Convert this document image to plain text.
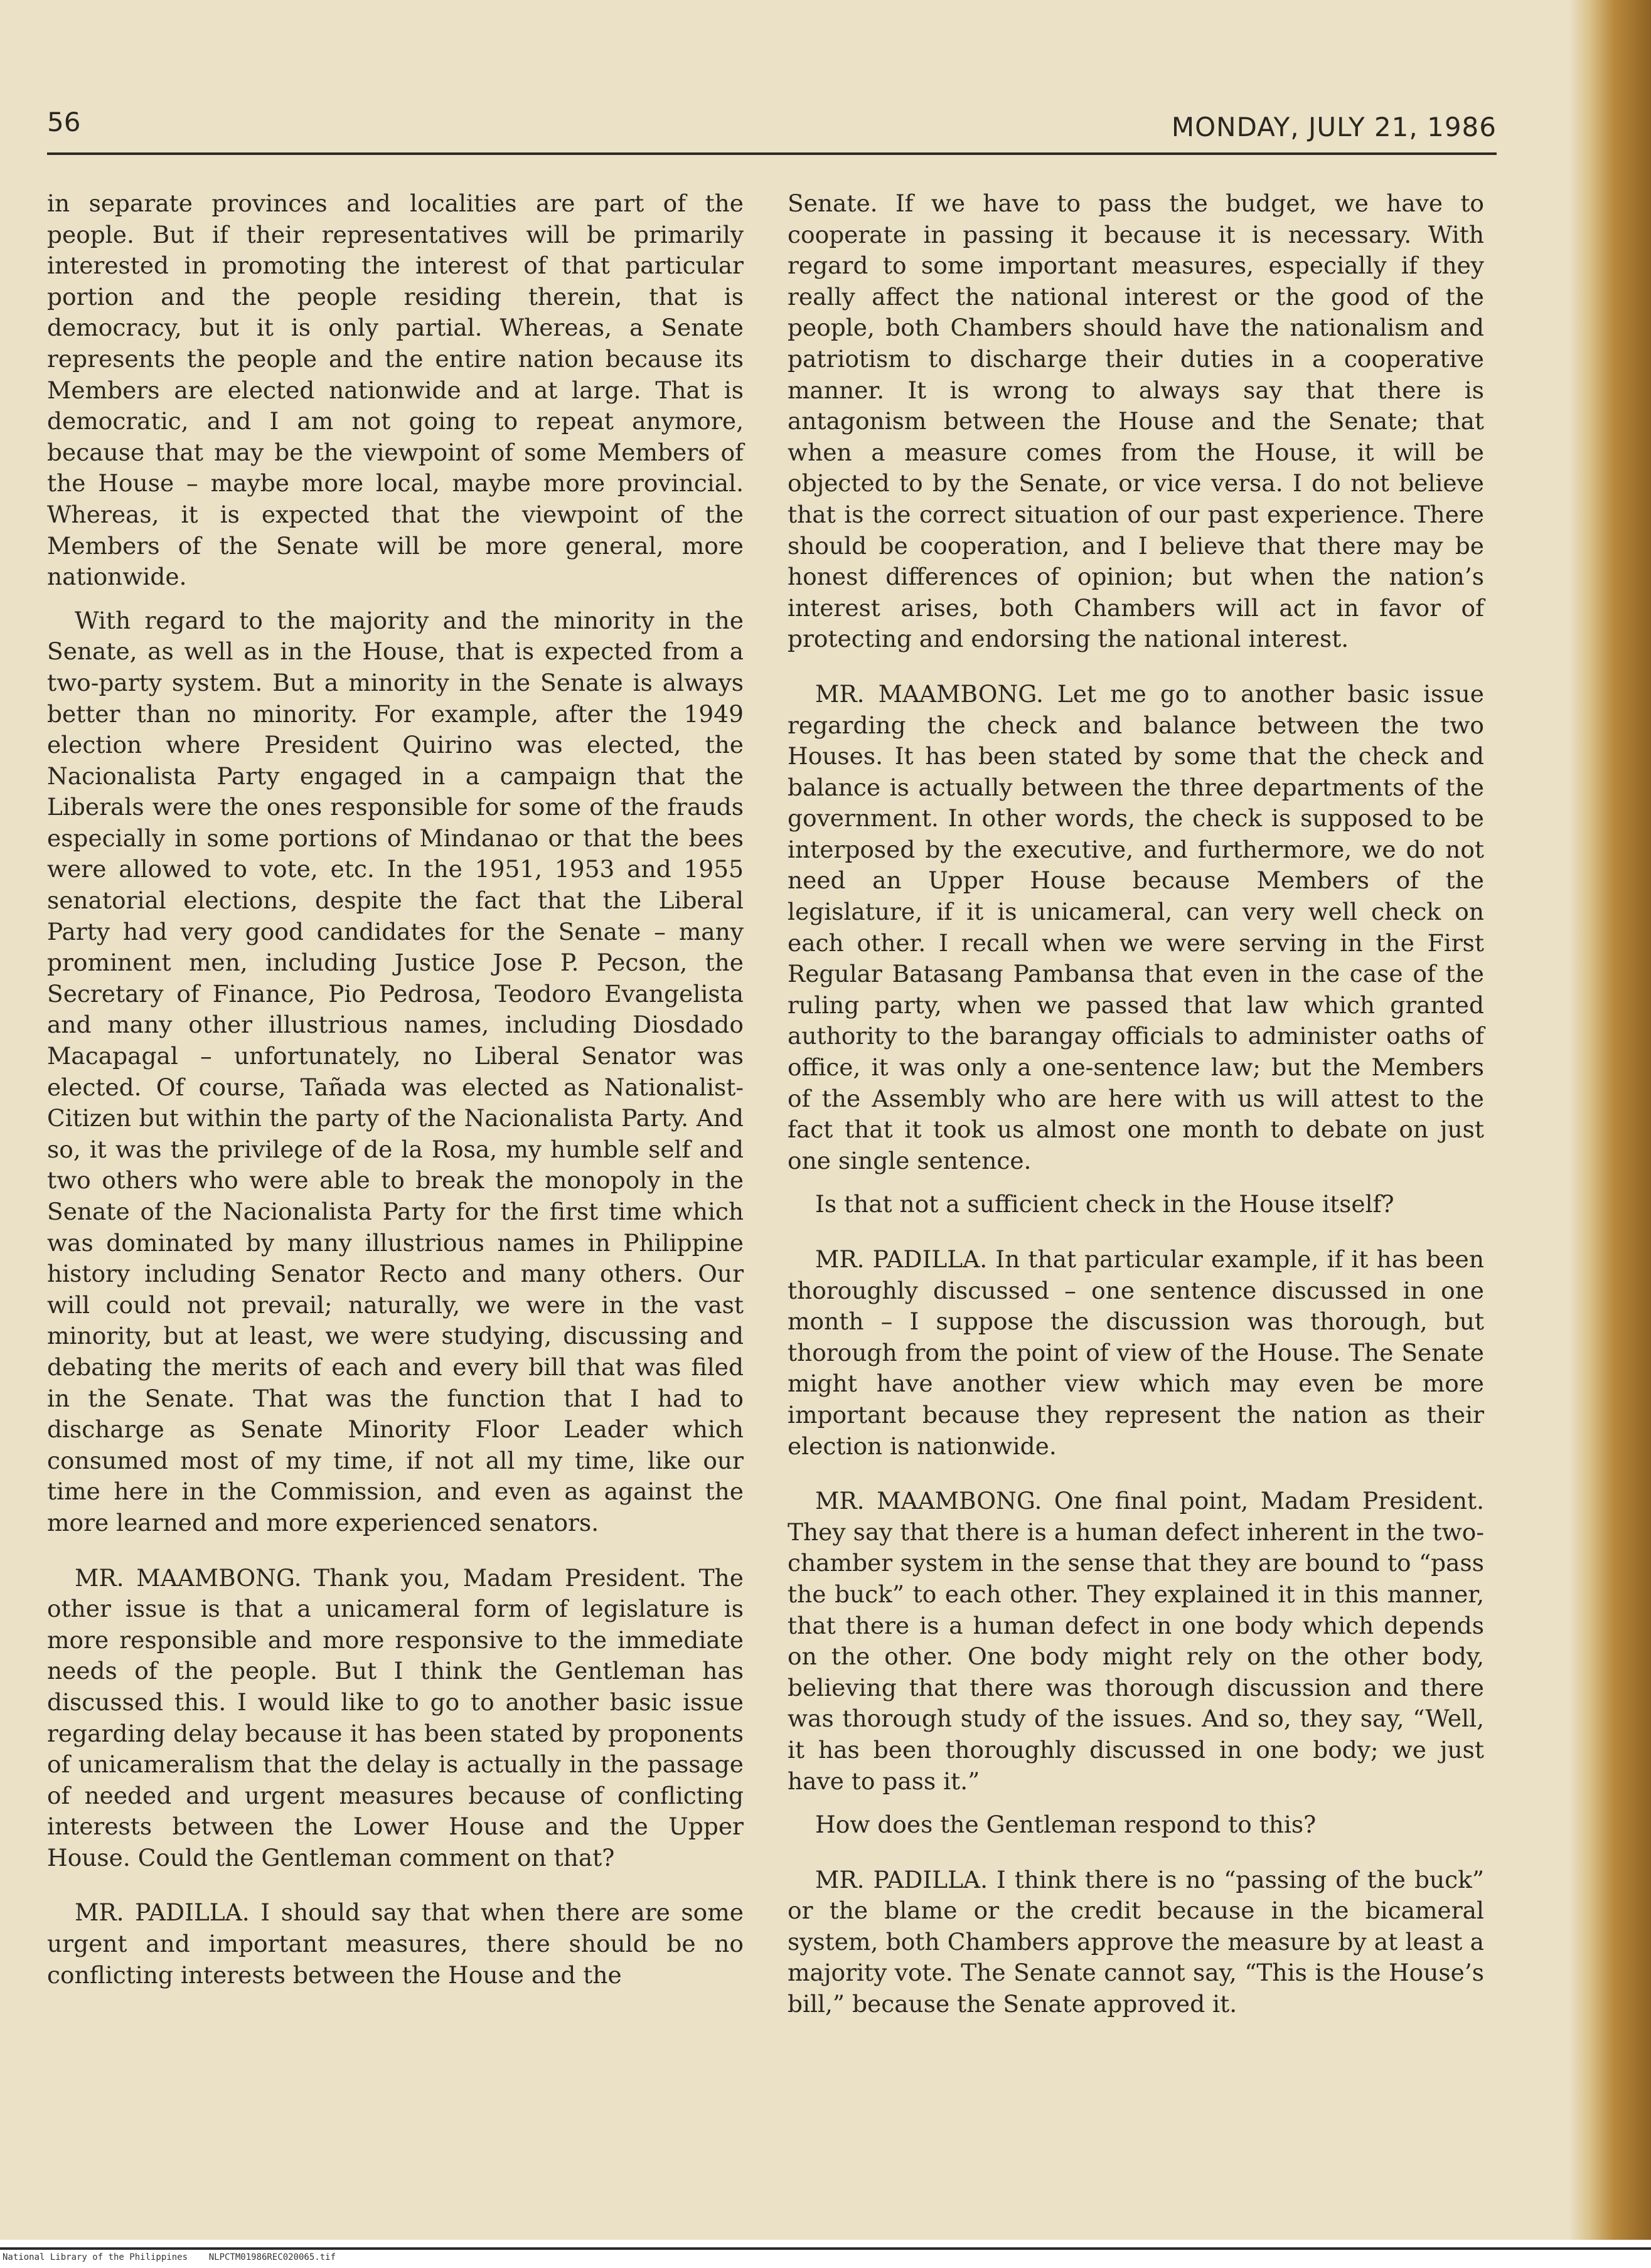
56	MONDAY, JULY 21, 1986

in separate provinces and localities are part of the people. But if their representatives will be primarily interested in promoting the interest of that particular portion and the people residing therein, that is democracy, but it is only partial. Whereas, a Senate represents the people and the entire nation because its Members are elected nationwide and at large. That is democratic, and I am not going to repeat anymore, because that may be the viewpoint of some Members of the House – maybe more local, maybe more provincial. Whereas, it is expected that the viewpoint of the Members of the Senate will be more general, more nationwide.

With regard to the majority and the minority in the Senate, as well as in the House, that is expected from a two-party system. But a minority in the Senate is always better than no minority. For example, after the 1949 election where President Quirino was elected, the Nacionalista Party engaged in a campaign that the Liberals were the ones responsible for some of the frauds especially in some portions of Mindanao or that the bees were allowed to vote, etc. In the 1951, 1953 and 1955 senatorial elections, despite the fact that the Liberal Party had very good candidates for the Senate – many prominent men, including Justice Jose P. Pecson, the Secretary of Finance, Pio Pedrosa, Teodoro Evangelista and many other illustrious names, including Diosdado Macapagal – unfortunately, no Liberal Senator was elected. Of course, Tañada was elected as Nationalist-Citizen but within the party of the Nacionalista Party. And so, it was the privilege of de la Rosa, my humble self and two others who were able to break the monopoly in the Senate of the Nacionalista Party for the first time which was dominated by many illustrious names in Philippine history including Senator Recto and many others. Our will could not prevail; naturally, we were in the vast minority, but at least, we were studying, discussing and debating the merits of each and every bill that was filed in the Senate. That was the function that I had to discharge as Senate Minority Floor Leader which consumed most of my time, if not all my time, like our time here in the Commission, and even as against the more learned and more experienced senators.

MR. MAAMBONG. Thank you, Madam President. The other issue is that a unicameral form of legislature is more responsible and more responsive to the immediate needs of the people. But I think the Gentleman has discussed this. I would like to go to another basic issue regarding delay because it has been stated by proponents of unicameralism that the delay is actually in the passage of needed and urgent measures because of conflicting interests between the Lower House and the Upper House. Could the Gentleman comment on that?

MR. PADILLA. I should say that when there are some urgent and important measures, there should be no conflicting interests between the House and the

Senate. If we have to pass the budget, we have to cooperate in passing it because it is necessary. With regard to some important measures, especially if they really affect the national interest or the good of the people, both Chambers should have the nationalism and patriotism to discharge their duties in a cooperative manner. It is wrong to always say that there is antagonism between the House and the Senate; that when a measure comes from the House, it will be objected to by the Senate, or vice versa. I do not believe that is the correct situation of our past experience. There should be cooperation, and I believe that there may be honest differences of opinion; but when the nation’s interest arises, both Chambers will act in favor of protecting and endorsing the national interest.

MR. MAAMBONG. Let me go to another basic issue regarding the check and balance between the two Houses. It has been stated by some that the check and balance is actually between the three departments of the government. In other words, the check is supposed to be interposed by the executive, and furthermore, we do not need an Upper House because Members of the legislature, if it is unicameral, can very well check on each other. I recall when we were serving in the First Regular Batasang Pambansa that even in the case of the ruling party, when we passed that law which granted authority to the barangay officials to administer oaths of office, it was only a one-sentence law; but the Members of the Assembly who are here with us will attest to the fact that it took us almost one month to debate on just one single sentence.

Is that not a sufficient check in the House itself?

MR. PADILLA. In that particular example, if it has been thoroughly discussed – one sentence discussed in one month – I suppose the discussion was thorough, but thorough from the point of view of the House. The Senate might have another view which may even be more important because they represent the nation as their election is nationwide.

MR. MAAMBONG. One final point, Madam President. They say that there is a human defect inherent in the two-chamber system in the sense that they are bound to “pass the buck” to each other. They explained it in this manner, that there is a human defect in one body which depends on the other. One body might rely on the other body, believing that there was thorough discussion and there was thorough study of the issues. And so, they say, “Well, it has been thoroughly discussed in one body; we just have to pass it.”

How does the Gentleman respond to this?

MR. PADILLA. I think there is no “passing of the buck” or the blame or the credit because in the bicameral system, both Chambers approve the measure by at least a majority vote. The Senate cannot say, “This is the House’s bill,” because the Senate approved it.

National Library of the Philippines    NLPCTM01986REC020065.tif
